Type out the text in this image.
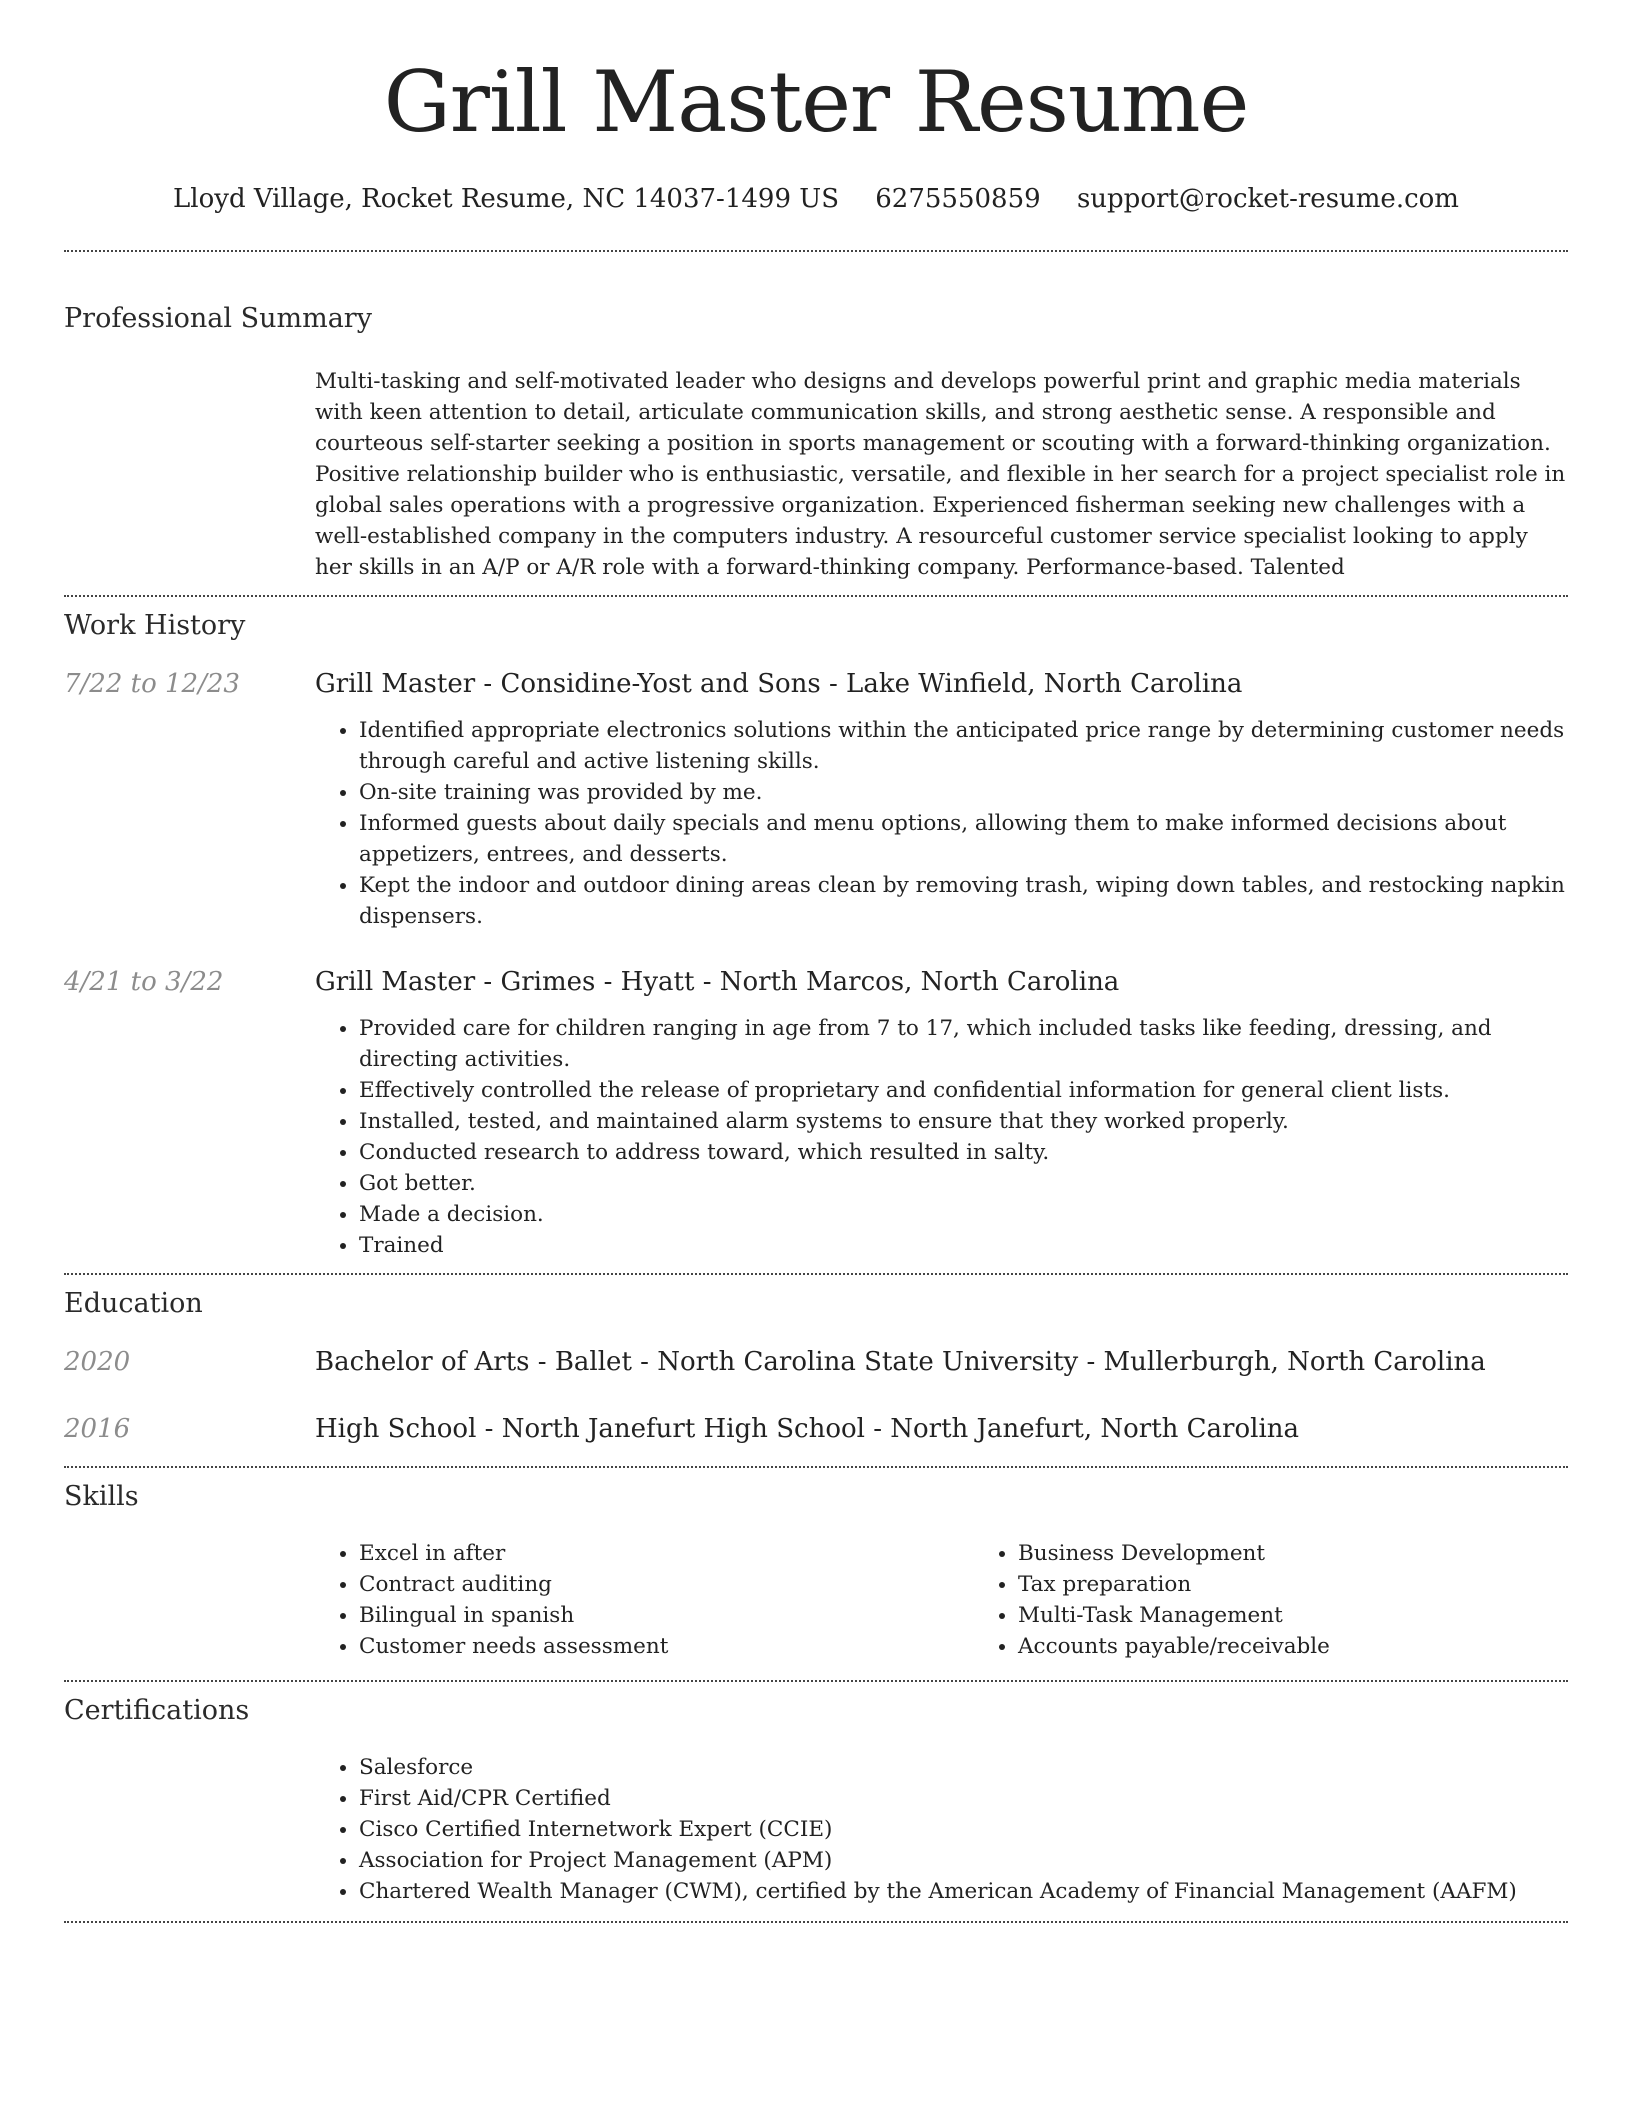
Grill Master Resume
Lloyd Village, Rocket Resume, NC 14037-1499 US 6275550859 support@rocket-resume.com
Professional Summary
Multi-tasking and self-motivated leader who designs and develops powerful print and graphic media materials with keen attention to detail, articulate communication skills, and strong aesthetic sense. A responsible and courteous self-starter seeking a position in sports management or scouting with a forward-thinking organization. Positive relationship builder who is enthusiastic, versatile, and flexible in her search for a project specialist role in global sales operations with a progressive organization. Experienced fisherman seeking new challenges with a well-established company in the computers industry. A resourceful customer service specialist looking to apply her skills in an A/P or A/R role with a forward-thinking company. Performance-based. Talented
Work History
7/22 to 12/23	Grill Master - Considine-Yost and Sons - Lake Winfield, North Carolina
• Identified appropriate electronics solutions within the anticipated price range by determining customer needs through careful and active listening skills.
• On-site training was provided by me.
• Informed guests about daily specials and menu options, allowing them to make informed decisions about appetizers, entrees, and desserts.
• Kept the indoor and outdoor dining areas clean by removing trash, wiping down tables, and restocking napkin dispensers.
4/21 to 3/22	Grill Master - Grimes - Hyatt - North Marcos, North Carolina
• Provided care for children ranging in age from 7 to 17, which included tasks like feeding, dressing, and directing activities.
• Effectively controlled the release of proprietary and confidential information for general client lists.
• Installed, tested, and maintained alarm systems to ensure that they worked properly.
• Conducted research to address toward, which resulted in salty.
• Got better.
• Made a decision.
• Trained
Education
2020	Bachelor of Arts - Ballet - North Carolina State University - Mullerburgh, North Carolina
2016	High School - North Janefurt High School - North Janefurt, North Carolina
Skills
• Excel in after
• Contract auditing
• Bilingual in spanish
• Customer needs assessment
• Business Development
• Tax preparation
• Multi-Task Management
• Accounts payable/receivable
Certifications
• Salesforce
• First Aid/CPR Certified
• Cisco Certified Internetwork Expert (CCIE)
• Association for Project Management (APM)
• Chartered Wealth Manager (CWM), certified by the American Academy of Financial Management (AAFM)
